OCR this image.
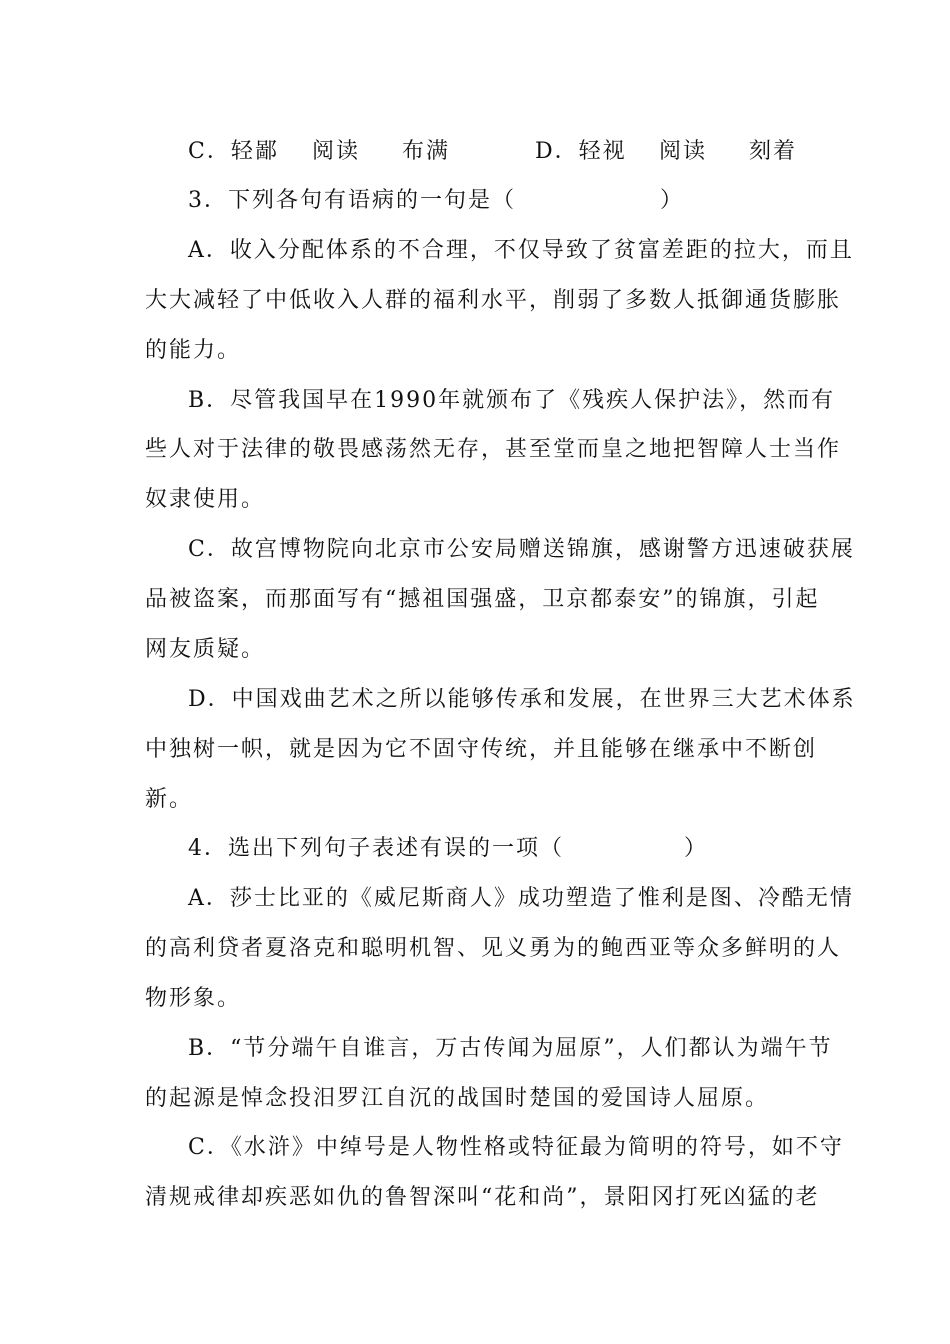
C．轻鄙 阅读 布满	D．轻视 阅读 刻着
3．下列各句有语病的一句是（　　　　　　）
A．收入分配体系的不合理，不仅导致了贫富差距的拉大，而且
大大减轻了中低收入人群的福利水平，削弱了多数人抵御通货膨胀
的能力。
B．尽管我国早在1990年就颁布了《残疾人保护法》，然而有
些人对于法律的敬畏感荡然无存，甚至堂而皇之地把智障人士当作
奴隶使用。
C．故宫博物院向北京市公安局赠送锦旗，感谢警方迅速破获展
品被盗案，而那面写有“撼祖国强盛，卫京都泰安”的锦旗，引起
网友质疑。
D．中国戏曲艺术之所以能够传承和发展，在世界三大艺术体系
中独树一帜，就是因为它不固守传统，并且能够在继承中不断创
新。
4．选出下列句子表述有误的一项（　　　　　）
A．莎士比亚的《威尼斯商人》成功塑造了惟利是图、冷酷无情
的高利贷者夏洛克和聪明机智、见义勇为的鲍西亚等众多鲜明的人
物形象。
B．“节分端午自谁言，万古传闻为屈原”，人们都认为端午节
的起源是悼念投汨罗江自沉的战国时楚国的爱国诗人屈原。
C．《水浒》中绰号是人物性格或特征最为简明的符号，如不守
清规戒律却疾恶如仇的鲁智深叫“花和尚”，景阳冈打死凶猛的老
